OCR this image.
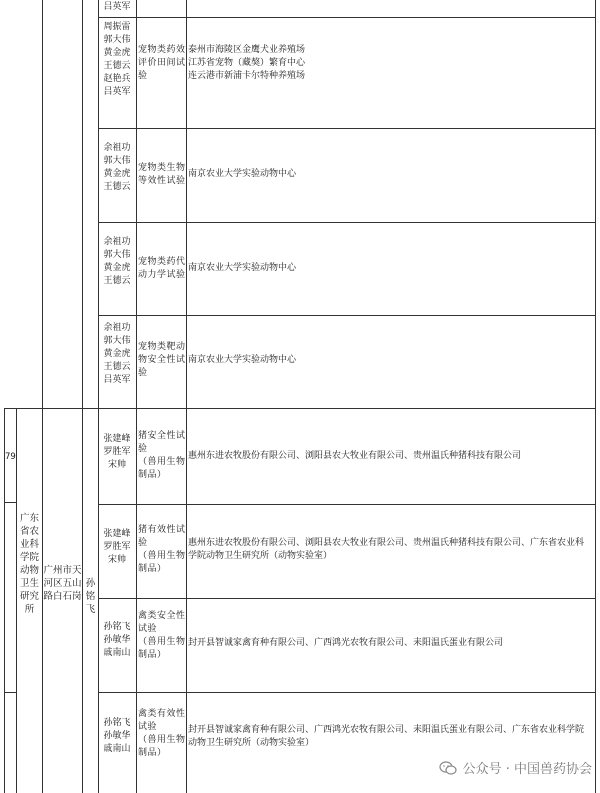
吕英军
周振雷
郭大伟
黄金虎
王德云
赵艳兵
吕英军
宠物类药效
评价田间试
验
泰州市海陵区金鹰犬业养殖场
江苏省宠物（藏獒）繁育中心
连云港市新浦卡尔特种养殖场
余祖功
郭大伟
黄金虎
王德云
宠物类生物
等效性试验
南京农业大学实验动物中心
余祖功
郭大伟
黄金虎
王德云
宠物类药代
动力学试验
南京农业大学实验动物中心
余祖功
郭大伟
黄金虎
王德云
吕英军
宠物类靶动
物安全性试
验
南京农业大学实验动物中心
79
广东
省农
业科
学院
动物
卫生
研究
所
广州市天
河区五山
路白石岗
孙铭
飞
张建峰
罗胜军
宋帅
猪安全性试
验
（兽用生物
制品）
惠州东进农牧股份有限公司、浏阳县农大牧业有限公司、贵州温氏种猪科技有限公司
张建峰
罗胜军
宋帅
猪有效性试
验
（兽用生物
制品）
惠州东进农牧股份有限公司、浏阳县农大牧业有限公司、贵州温氏种猪科技有限公司、广东省农业科
学院动物卫生研究所（动物实验室）
孙铭飞
孙敏华
戚南山
禽类安全性
试验
（兽用生物
制品）
封开县智诚家禽育种有限公司、广西鸿光农牧有限公司、耒阳温氏蛋业有限公司
孙铭飞
孙敏华
戚南山
禽类有效性
试验
（兽用生物
制品）
封开县智诚家禽育种有限公司、广西鸿光农牧有限公司、耒阳温氏蛋业有限公司、广东省农业科学院
动物卫生研究所（动物实验室）
公众号 · 中国兽药协会
